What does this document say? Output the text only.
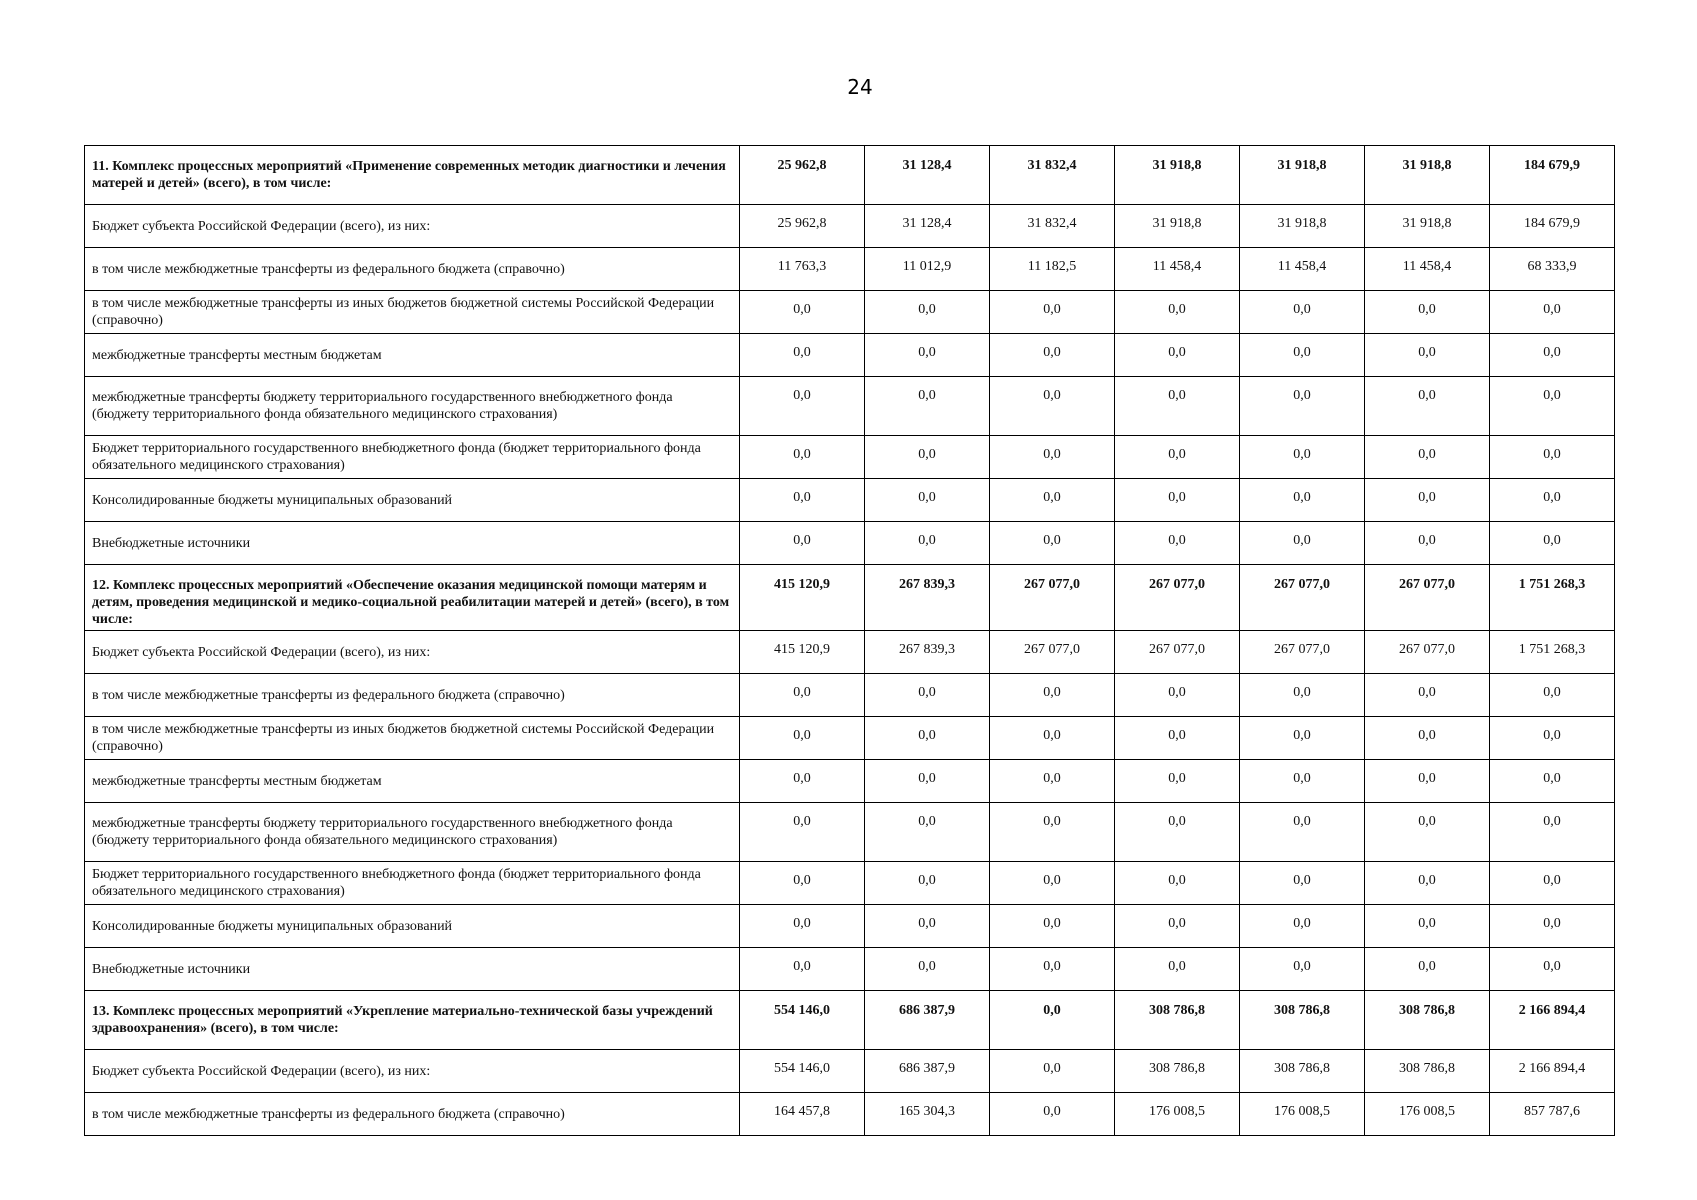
24
11. Комплекс процессных мероприятий «Применение современных методик диагностики и лечения матерей и детей» (всего), в том числе:	25 962,8	31 128,4	31 832,4	31 918,8	31 918,8	31 918,8	184 679,9
Бюджет субъекта Российской Федерации (всего), из них:	25 962,8	31 128,4	31 832,4	31 918,8	31 918,8	31 918,8	184 679,9
в том числе межбюджетные трансферты из федерального бюджета (справочно)	11 763,3	11 012,9	11 182,5	11 458,4	11 458,4	11 458,4	68 333,9
в том числе межбюджетные трансферты из иных бюджетов бюджетной системы Российской Федерации (справочно)	0,0	0,0	0,0	0,0	0,0	0,0	0,0
межбюджетные трансферты местным бюджетам	0,0	0,0	0,0	0,0	0,0	0,0	0,0
межбюджетные трансферты бюджету территориального государственного внебюджетного фонда (бюджету территориального фонда обязательного медицинского страхования)	0,0	0,0	0,0	0,0	0,0	0,0	0,0
Бюджет территориального государственного внебюджетного фонда (бюджет территориального фонда обязательного медицинского страхования)	0,0	0,0	0,0	0,0	0,0	0,0	0,0
Консолидированные бюджеты муниципальных образований	0,0	0,0	0,0	0,0	0,0	0,0	0,0
Внебюджетные источники	0,0	0,0	0,0	0,0	0,0	0,0	0,0
12. Комплекс процессных мероприятий «Обеспечение оказания медицинской помощи матерям и детям, проведения медицинской и медико-социальной реабилитации матерей и детей» (всего), в том числе:	415 120,9	267 839,3	267 077,0	267 077,0	267 077,0	267 077,0	1 751 268,3
Бюджет субъекта Российской Федерации (всего), из них:	415 120,9	267 839,3	267 077,0	267 077,0	267 077,0	267 077,0	1 751 268,3
в том числе межбюджетные трансферты из федерального бюджета (справочно)	0,0	0,0	0,0	0,0	0,0	0,0	0,0
в том числе межбюджетные трансферты из иных бюджетов бюджетной системы Российской Федерации (справочно)	0,0	0,0	0,0	0,0	0,0	0,0	0,0
межбюджетные трансферты местным бюджетам	0,0	0,0	0,0	0,0	0,0	0,0	0,0
межбюджетные трансферты бюджету территориального государственного внебюджетного фонда (бюджету территориального фонда обязательного медицинского страхования)	0,0	0,0	0,0	0,0	0,0	0,0	0,0
Бюджет территориального государственного внебюджетного фонда (бюджет территориального фонда обязательного медицинского страхования)	0,0	0,0	0,0	0,0	0,0	0,0	0,0
Консолидированные бюджеты муниципальных образований	0,0	0,0	0,0	0,0	0,0	0,0	0,0
Внебюджетные источники	0,0	0,0	0,0	0,0	0,0	0,0	0,0
13. Комплекс процессных мероприятий «Укрепление материально-технической базы учреждений здравоохранения» (всего), в том числе:	554 146,0	686 387,9	0,0	308 786,8	308 786,8	308 786,8	2 166 894,4
Бюджет субъекта Российской Федерации (всего), из них:	554 146,0	686 387,9	0,0	308 786,8	308 786,8	308 786,8	2 166 894,4
в том числе межбюджетные трансферты из федерального бюджета (справочно)	164 457,8	165 304,3	0,0	176 008,5	176 008,5	176 008,5	857 787,6
